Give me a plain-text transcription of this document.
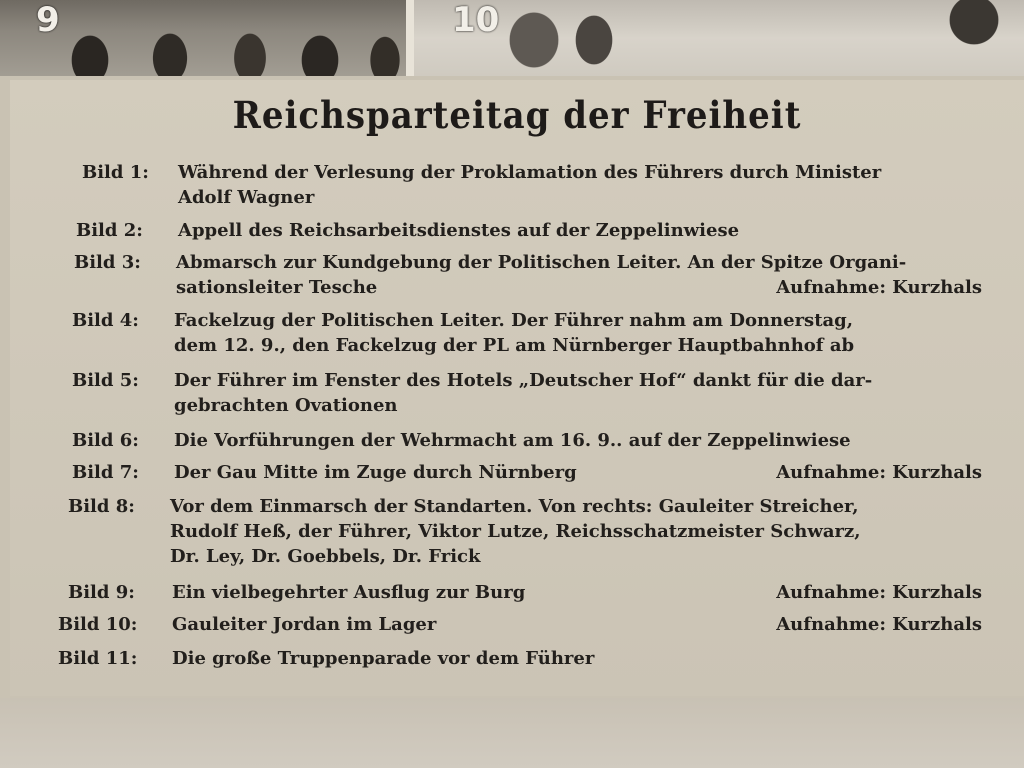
9	10
Reichsparteitag der Freiheit
Bild 1:	Während der Verlesung der Proklamation des Führers durch Minister
Adolf Wagner
Bild 2:	Appell des Reichsarbeitsdienstes auf der Zeppelinwiese
Bild 3:	Abmarsch zur Kundgebung der Politischen Leiter. An der Spitze Organi-
sationsleiter Tesche	Aufnahme: Kurzhals
Bild 4:	Fackelzug der Politischen Leiter. Der Führer nahm am Donnerstag,
dem 12. 9., den Fackelzug der PL am Nürnberger Hauptbahnhof ab
Bild 5:	Der Führer im Fenster des Hotels „Deutscher Hof“ dankt für die dar-
gebrachten Ovationen
Bild 6:	Die Vorführungen der Wehrmacht am 16. 9.. auf der Zeppelinwiese
Bild 7:	Der Gau Mitte im Zuge durch Nürnberg	Aufnahme: Kurzhals
Bild 8:	Vor dem Einmarsch der Standarten. Von rechts: Gauleiter Streicher,
Rudolf Heß, der Führer, Viktor Lutze, Reichsschatzmeister Schwarz,
Dr. Ley, Dr. Goebbels, Dr. Frick
Bild 9:	Ein vielbegehrter Ausflug zur Burg	Aufnahme: Kurzhals
Bild 10:	Gauleiter Jordan im Lager	Aufnahme: Kurzhals
Bild 11:	Die große Truppenparade vor dem Führer
